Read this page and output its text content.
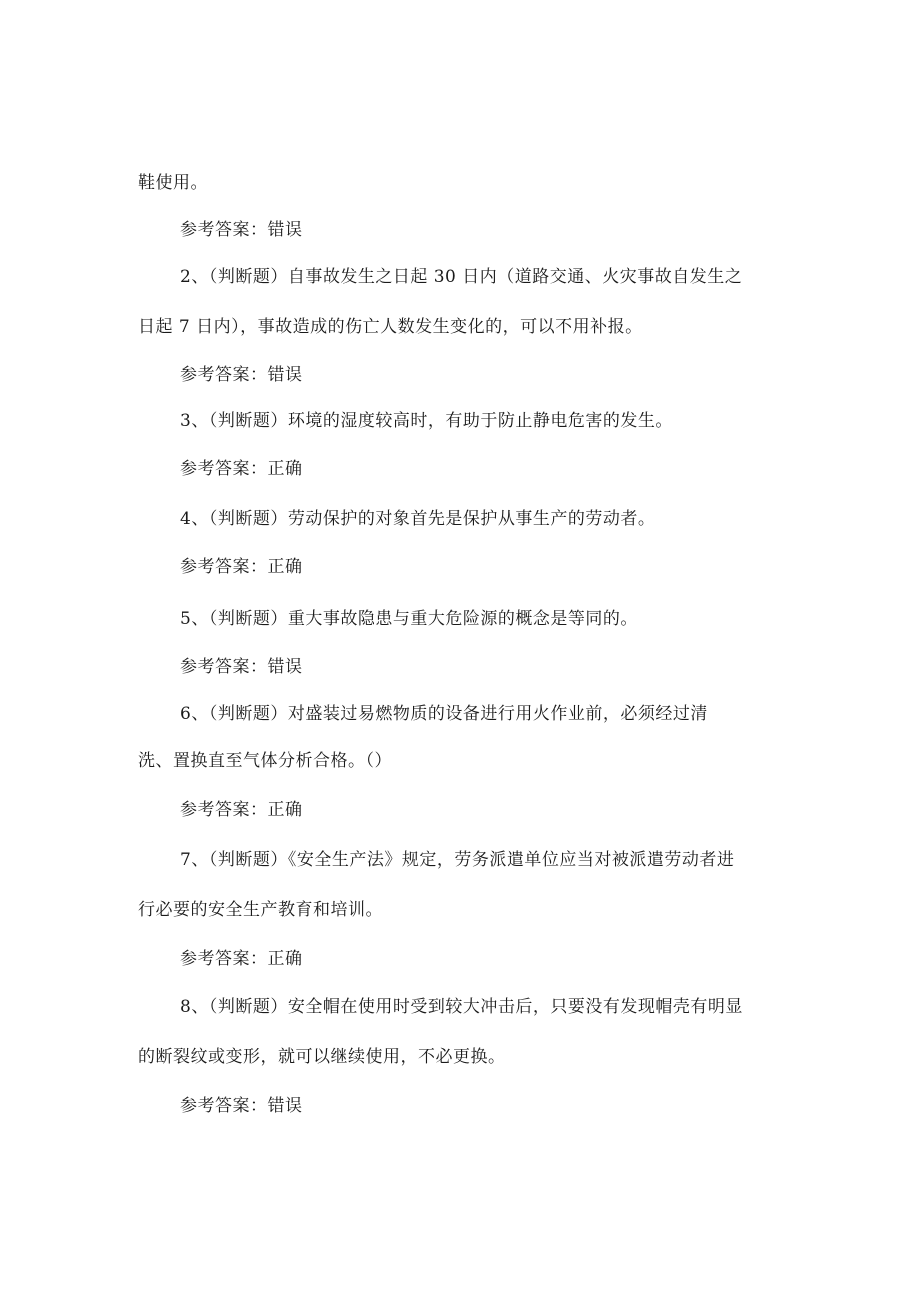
鞋使用。
参考答案：错误
2、（判断题）自事故发生之日起 30 日内（道路交通、火灾事故自发生之
日起 7 日内），事故造成的伤亡人数发生变化的，可以不用补报。
参考答案：错误
3、（判断题）环境的湿度较高时，有助于防止静电危害的发生。
参考答案：正确
4、（判断题）劳动保护的对象首先是保护从事生产的劳动者。
参考答案：正确
5、（判断题）重大事故隐患与重大危险源的概念是等同的。
参考答案：错误
6、（判断题）对盛装过易燃物质的设备进行用火作业前，必须经过清
洗、置换直至气体分析合格。（）
参考答案：正确
7、（判断题）《安全生产法》规定，劳务派遣单位应当对被派遣劳动者进
行必要的安全生产教育和培训。
参考答案：正确
8、（判断题）安全帽在使用时受到较大冲击后，只要没有发现帽壳有明显
的断裂纹或变形，就可以继续使用，不必更换。
参考答案：错误
